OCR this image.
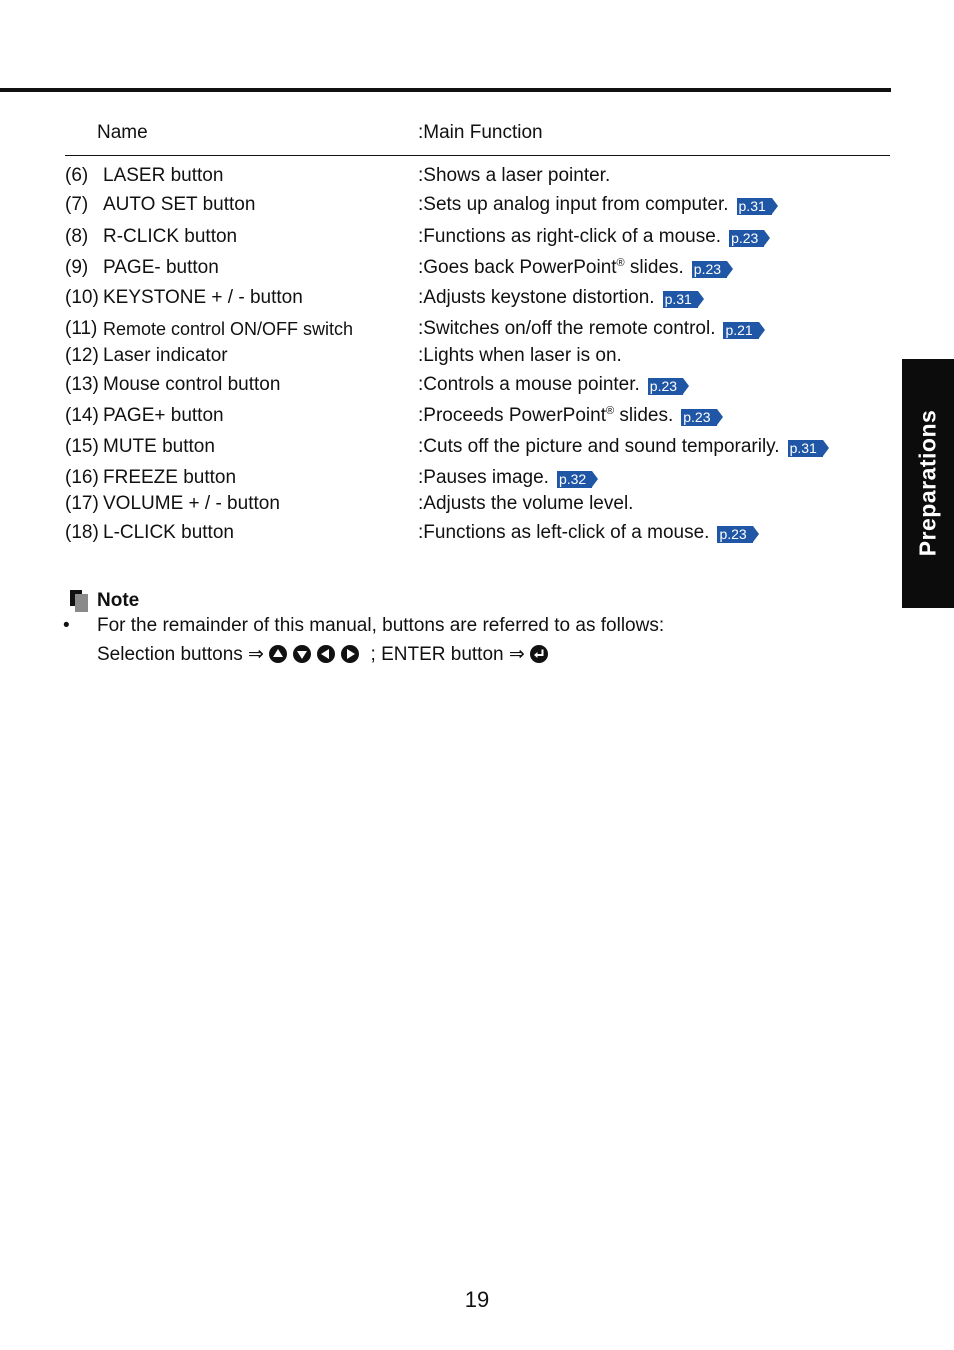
Name	:Main Function
(6) LASER button	:Shows a laser pointer.
(7) AUTO SET button	:Sets up analog input from computer. p.31
(8) R-CLICK button	:Functions as right-click of a mouse. p.23
(9) PAGE- button	:Goes back PowerPoint® slides. p.23
(10) KEYSTONE + / - button	:Adjusts keystone distortion. p.31
(11) Remote control ON/OFF switch	:Switches on/off the remote control. p.21
(12) Laser indicator	:Lights when laser is on.
(13) Mouse control button	:Controls a mouse pointer. p.23
(14) PAGE+ button	:Proceeds PowerPoint® slides. p.23
(15) MUTE button	:Cuts off the picture and sound temporarily. p.31
(16) FREEZE button	:Pauses image. p.32
(17) VOLUME + / - button	:Adjusts the volume level.
(18) L-CLICK button	:Functions as left-click of a mouse. p.23	Preparations
Note
• For the remainder of this manual, buttons are referred to as follows:
Selection buttons ⇒	; ENTER button ⇒
19
